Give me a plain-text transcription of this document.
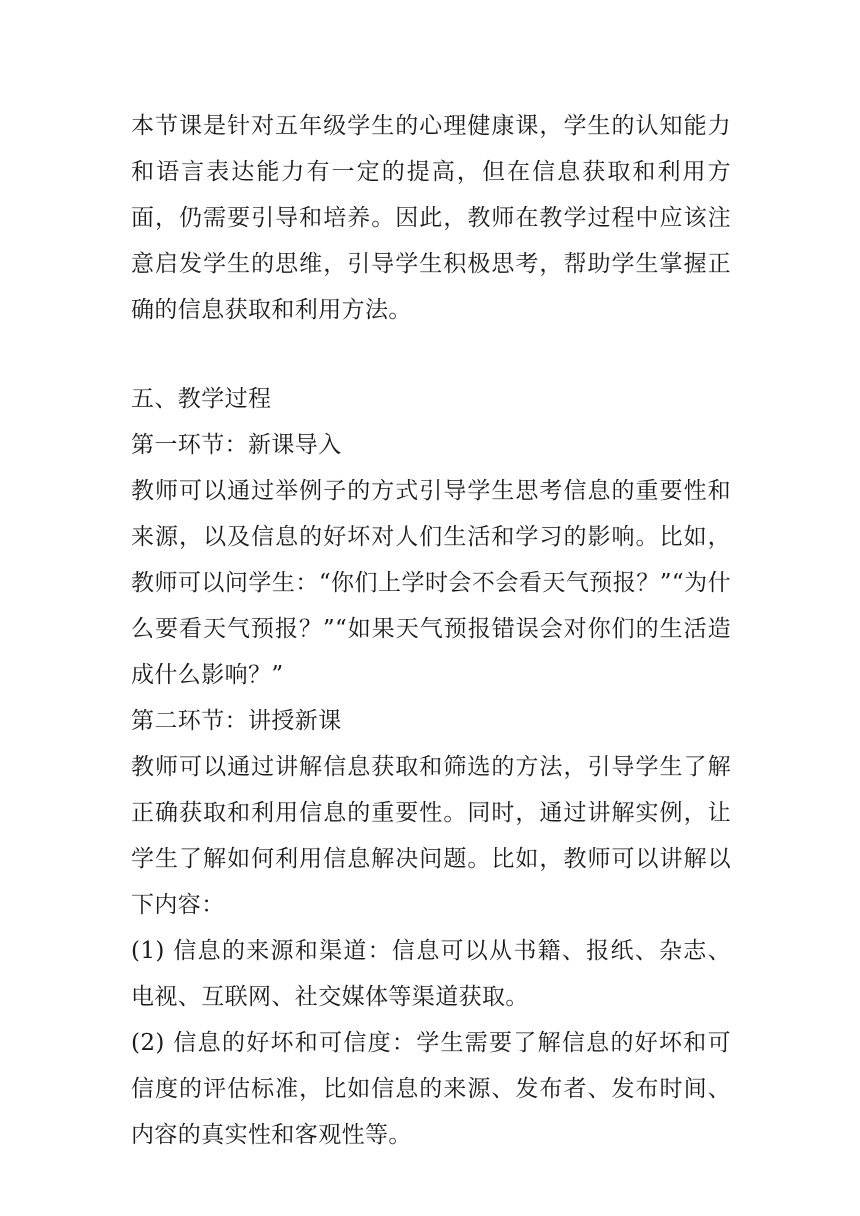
本节课是针对五年级学生的心理健康课，学生的认知能力和语言表达能力有一定的提高，但在信息获取和利用方面，仍需要引导和培养。因此，教师在教学过程中应该注意启发学生的思维，引导学生积极思考，帮助学生掌握正确的信息获取和利用方法。

五、教学过程

第一环节：新课导入

教师可以通过举例子的方式引导学生思考信息的重要性和来源，以及信息的好坏对人们生活和学习的影响。比如，教师可以问学生：“你们上学时会不会看天气预报？”“为什么要看天气预报？”“如果天气预报错误会对你们的生活造成什么影响？”

第二环节：讲授新课

教师可以通过讲解信息获取和筛选的方法，引导学生了解正确获取和利用信息的重要性。同时，通过讲解实例，让学生了解如何利用信息解决问题。比如，教师可以讲解以下内容：

(1) 信息的来源和渠道：信息可以从书籍、报纸、杂志、电视、互联网、社交媒体等渠道获取。

(2) 信息的好坏和可信度：学生需要了解信息的好坏和可信度的评估标准，比如信息的来源、发布者、发布时间、内容的真实性和客观性等。
